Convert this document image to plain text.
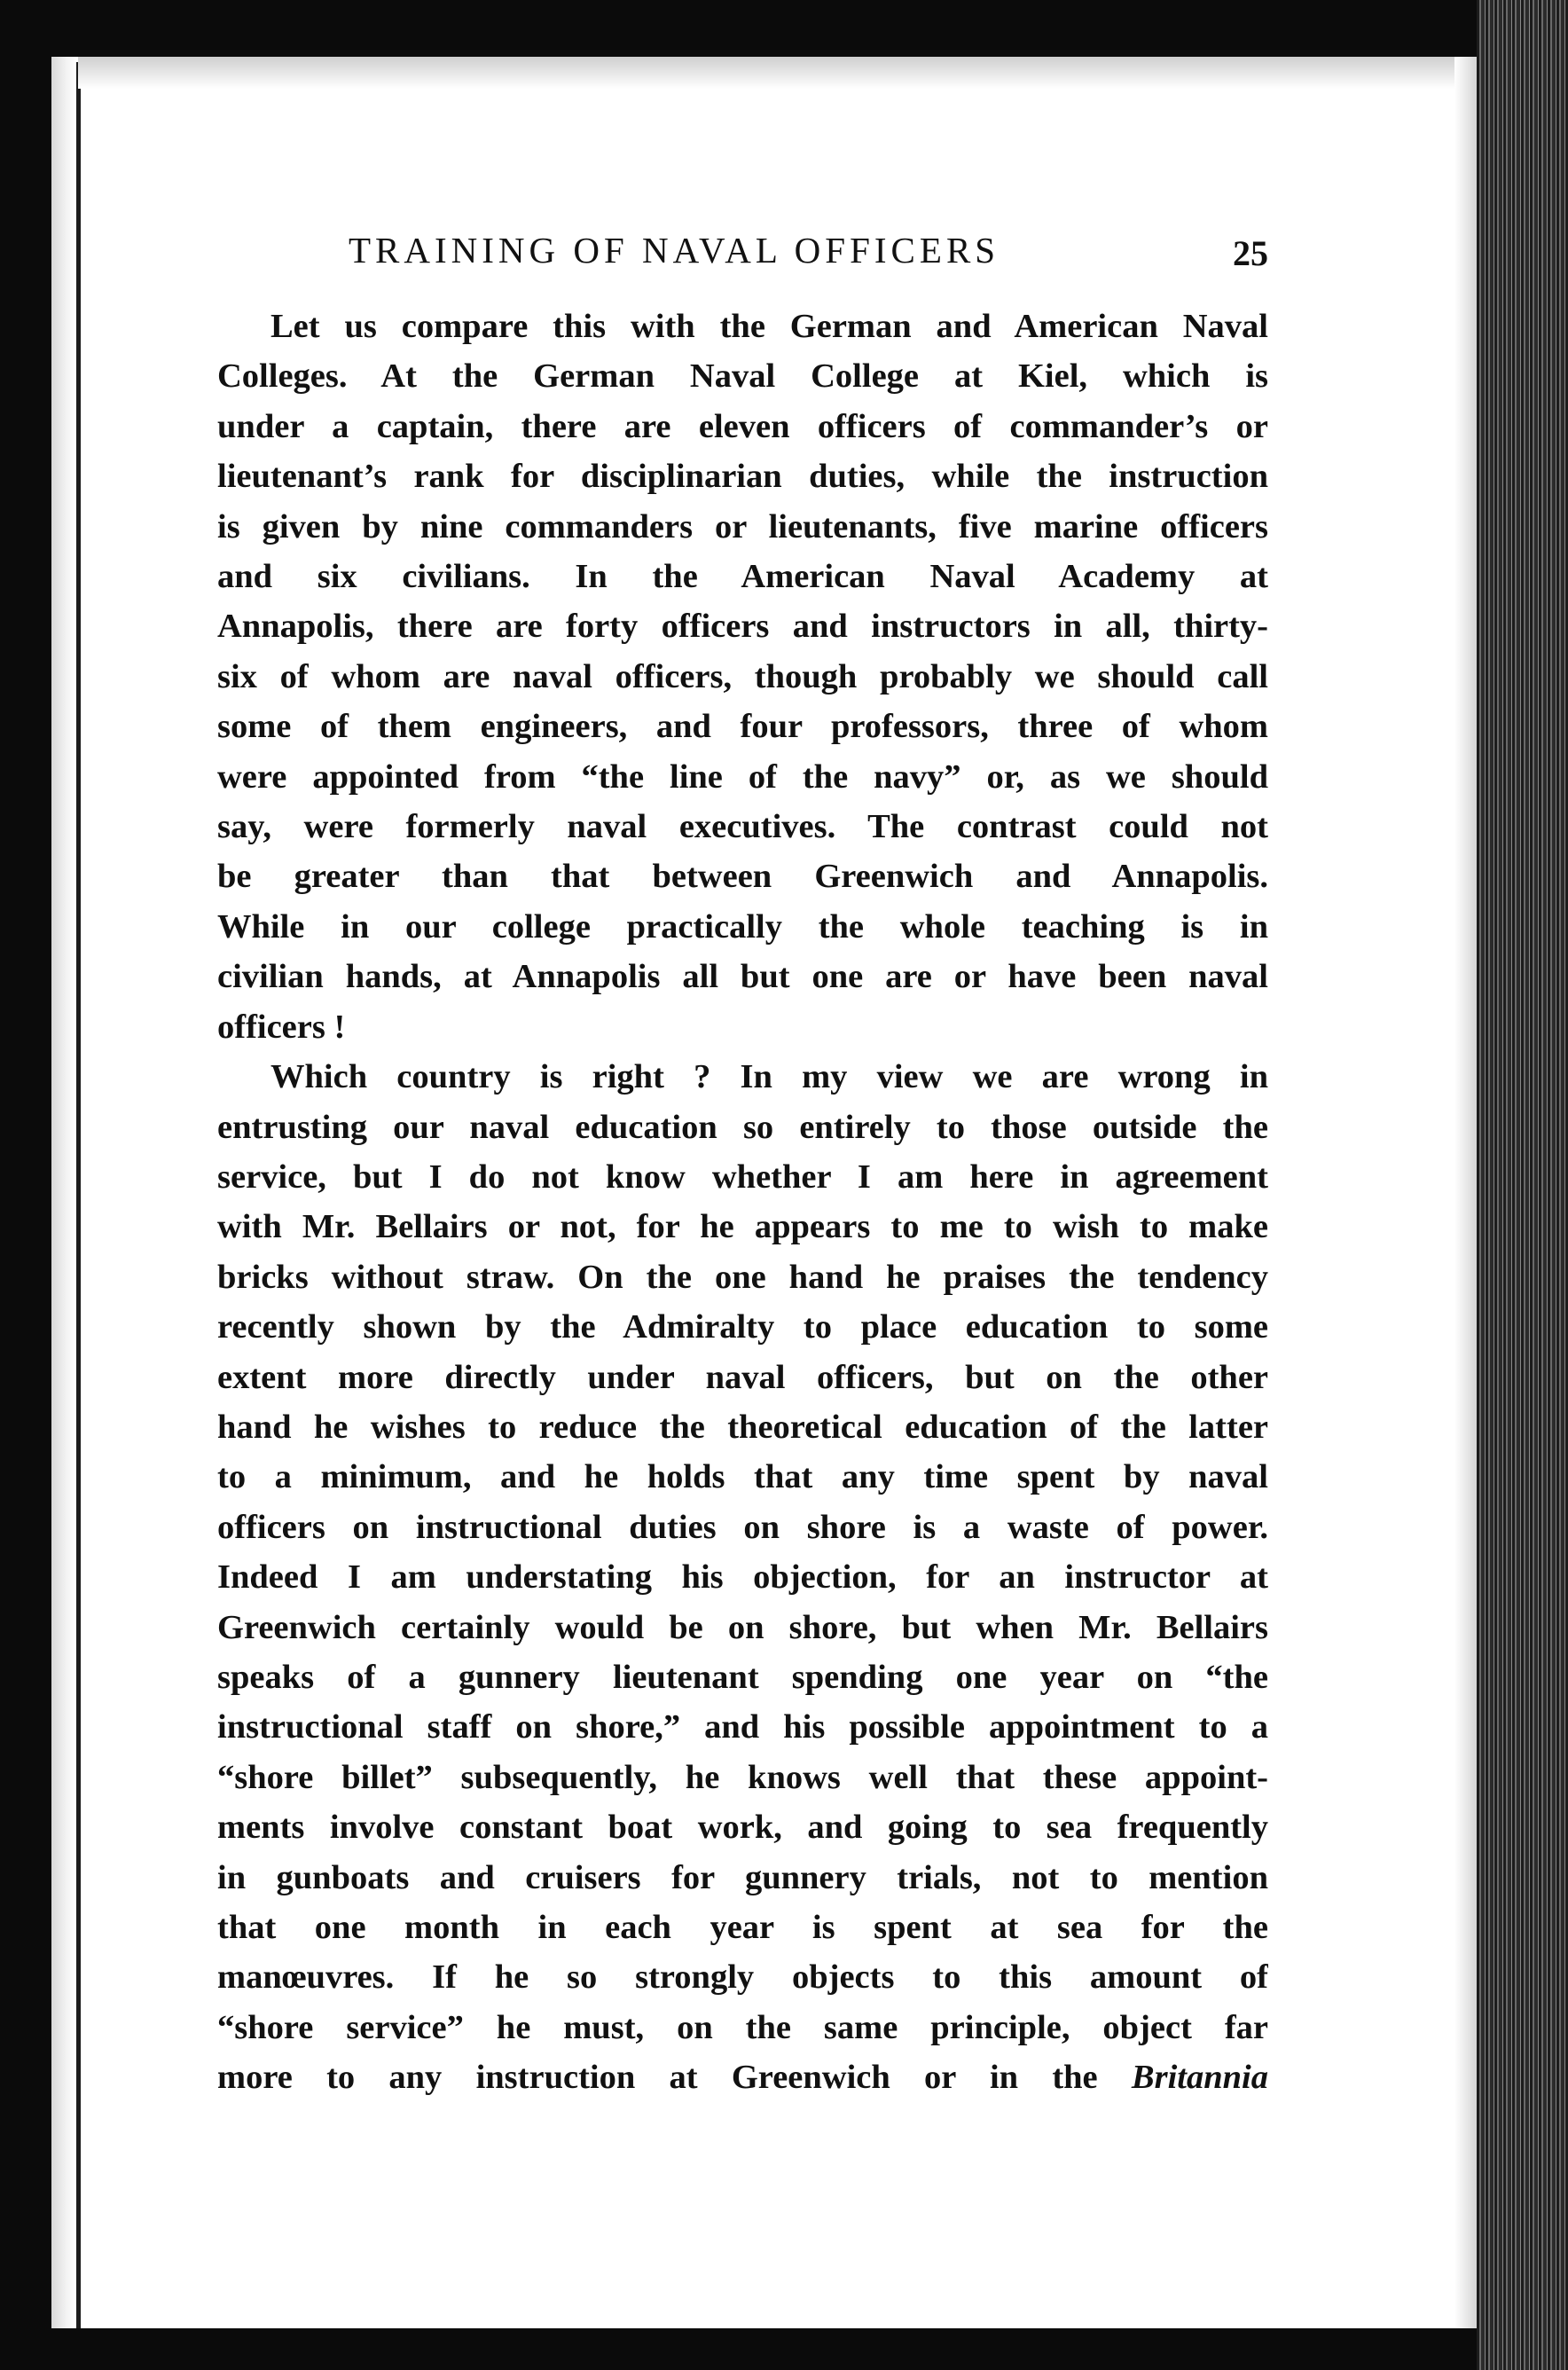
TRAINING OF NAVAL OFFICERS	25
Let us compare this with the German and American Naval
Colleges. At the German Naval College at Kiel, which is
under a captain, there are eleven officers of commander’s or
lieutenant’s rank for disciplinarian duties, while the instruction
is given by nine commanders or lieutenants, five marine officers
and six civilians. In the American Naval Academy at
Annapolis, there are forty officers and instructors in all, thirty-
six of whom are naval officers, though probably we should call
some of them engineers, and four professors, three of whom
were appointed from “the line of the navy” or, as we should
say, were formerly naval executives. The contrast could not
be greater than that between Greenwich and Annapolis.
While in our college practically the whole teaching is in
civilian hands, at Annapolis all but one are or have been naval
officers !
Which country is right ? In my view we are wrong in
entrusting our naval education so entirely to those outside the
service, but I do not know whether I am here in agreement
with Mr. Bellairs or not, for he appears to me to wish to make
bricks without straw. On the one hand he praises the tendency
recently shown by the Admiralty to place education to some
extent more directly under naval officers, but on the other
hand he wishes to reduce the theoretical education of the latter
to a minimum, and he holds that any time spent by naval
officers on instructional duties on shore is a waste of power.
Indeed I am understating his objection, for an instructor at
Greenwich certainly would be on shore, but when Mr. Bellairs
speaks of a gunnery lieutenant spending one year on “the
instructional staff on shore,” and his possible appointment to a
“shore billet” subsequently, he knows well that these appoint-
ments involve constant boat work, and going to sea frequently
in gunboats and cruisers for gunnery trials, not to mention
that one month in each year is spent at sea for the
manœuvres. If he so strongly objects to this amount of
“shore service” he must, on the same principle, object far
more to any instruction at Greenwich or in the Britannia
